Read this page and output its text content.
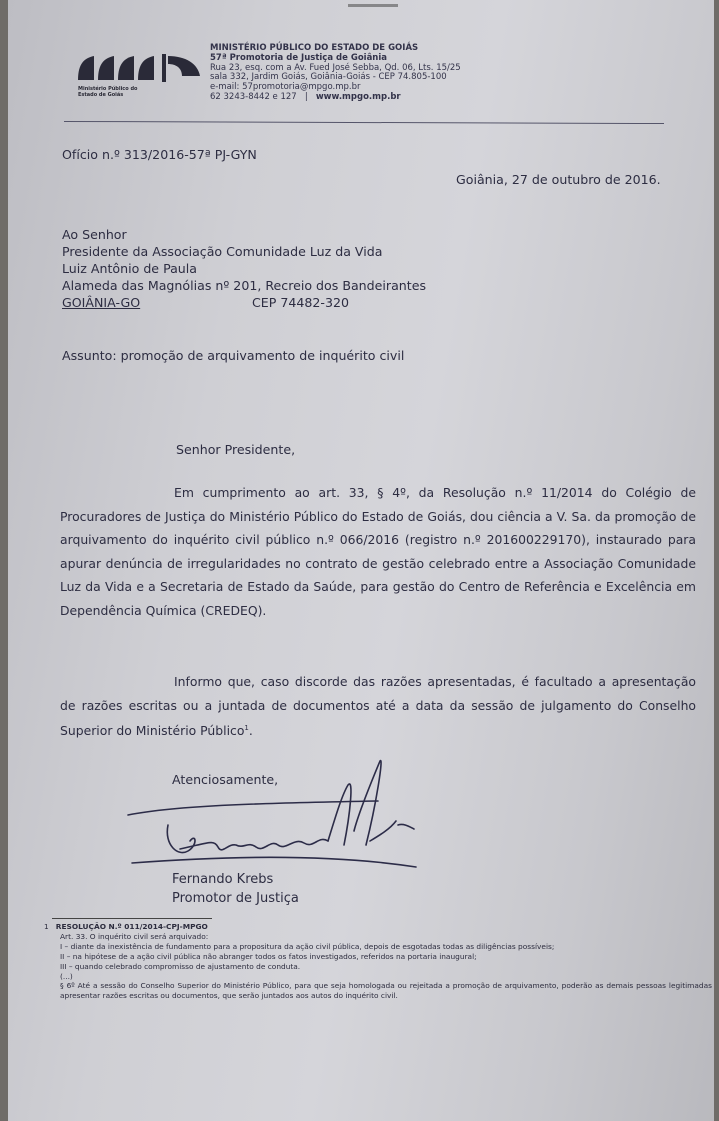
Ministério Público do Estado de Goiás
MINISTÉRIO PÚBLICO DO ESTADO DE GOIÁS
57ª Promotoria de Justiça de Goiânia
Rua 23, esq. com a Av. Fued José Sebba, Qd. 06, Lts. 15/25
sala 332, Jardim Goiás, Goiânia-Goiás - CEP 74.805-100
e-mail: 57promotoria@mpgo.mp.br
62 3243-8442 e 127 | www.mpgo.mp.br
Ofício n.º 313/2016-57ª PJ-GYN
Goiânia, 27 de outubro de 2016.
Ao Senhor
Presidente da Associação Comunidade Luz da Vida
Luiz Antônio de Paula
Alameda das Magnólias nº 201, Recreio dos Bandeirantes
GOIÂNIA-GO	CEP 74482-320
Assunto: promoção de arquivamento de inquérito civil
Senhor Presidente,
Em cumprimento ao art. 33, § 4º, da Resolução n.º 11/2014 do Colégio de Procuradores de Justiça do Ministério Público do Estado de Goiás, dou ciência a V. Sa. da promoção de arquivamento do inquérito civil público n.º 066/2016 (registro n.º 201600229170), instaurado para apurar denúncia de irregularidades no contrato de gestão celebrado entre a Associação Comunidade Luz da Vida e a Secretaria de Estado da Saúde, para gestão do Centro de Referência e Excelência em Dependência Química (CREDEQ).
Informo que, caso discorde das razões apresentadas, é facultado a apresentação de razões escritas ou a juntada de documentos até a data da sessão de julgamento do Conselho Superior do Ministério Público$^1$.
Atenciosamente,
Fernando Krebs
Promotor de Justiça
1 RESOLUÇÃO N.º 011/2014-CPJ-MPGO
Art. 33. O inquérito civil será arquivado:
I – diante da inexistência de fundamento para a propositura da ação civil pública, depois de esgotadas todas as diligências possíveis;
II – na hipótese de a ação civil pública não abranger todos os fatos investigados, referidos na portaria inaugural;
III – quando celebrado compromisso de ajustamento de conduta.
(...)
§ 6º Até a sessão do Conselho Superior do Ministério Público, para que seja homologada ou rejeitada a promoção de arquivamento, poderão as demais pessoas legitimadas apresentar razões escritas ou documentos, que serão juntados aos autos do inquérito civil.
